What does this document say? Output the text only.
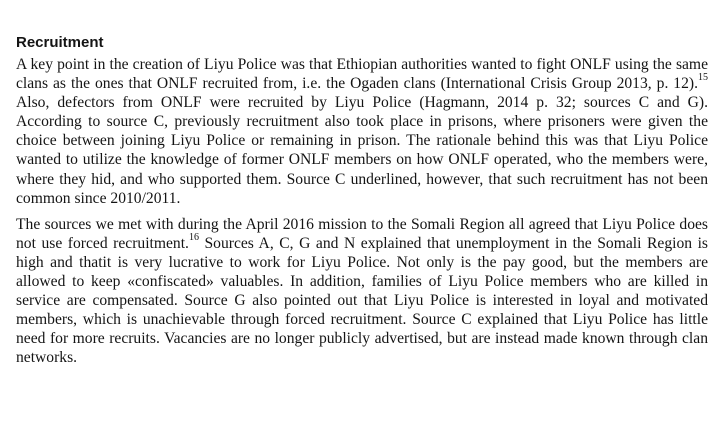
Recruitment

A key point in the creation of Liyu Police was that Ethiopian authorities wanted to fight ONLF using the same clans as the ones that ONLF recruited from, i.e. the Ogaden clans (International Crisis Group 2013, p. 12).$^{15}$ Also, defectors from ONLF were recruited by Liyu Police (Hagmann, 2014 p. 32; sources C and G). According to source C, previously recruitment also took place in prisons, where prisoners were given the choice between joining Liyu Police or remaining in prison. The rationale behind this was that Liyu Police wanted to utilize the knowledge of former ONLF members on how ONLF operated, who the members were, where they hid, and who supported them. Source C underlined, however, that such recruitment has not been common since 2010/2011.

The sources we met with during the April 2016 mission to the Somali Region all agreed that Liyu Police does not use forced recruitment.$^{16}$ Sources A, C, G and N explained that unemployment in the Somali Region is high and thatit is very lucrative to work for Liyu Police. Not only is the pay good, but the members are allowed to keep «confiscated» valuables. In addition, families of Liyu Police members who are killed in service are compensated. Source G also pointed out that Liyu Police is interested in loyal and motivated members, which is unachievable through forced recruitment. Source C explained that Liyu Police has little need for more recruits. Vacancies are no longer publicly advertised, but are instead made known through clan networks.
